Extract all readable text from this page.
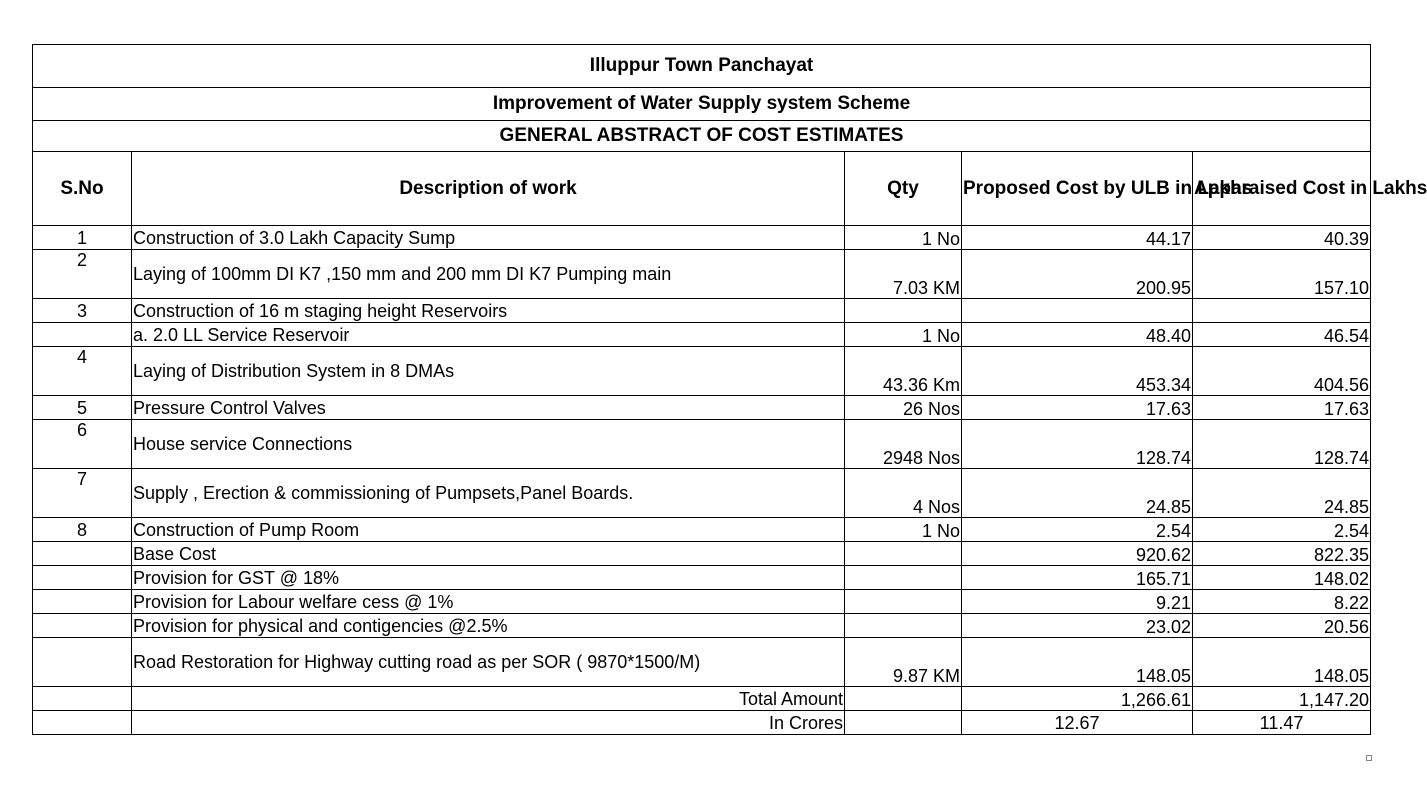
Illuppur Town Panchayat				
Improvement of Water Supply system Scheme				
GENERAL ABSTRACT OF COST ESTIMATES				
S.No	Description of work	Qty	Proposed Cost by ULB in Lakhs	Apparaised Cost in Lakhs
1	Construction of 3.0 Lakh Capacity Sump	1 No	44.17	40.39
2	Laying of 100mm DI K7 ,150 mm and 200 mm DI K7 Pumping main	7.03 KM	200.95	157.10
3	Construction of 16 m staging height Reservoirs			
	a. 2.0 LL Service Reservoir	1 No	48.40	46.54
4	Laying of Distribution System in 8 DMAs	43.36 Km	453.34	404.56
5	Pressure Control Valves	26 Nos	17.63	17.63
6	House service Connections	2948 Nos	128.74	128.74
7	Supply , Erection & commissioning of Pumpsets,Panel Boards.	4 Nos	24.85	24.85
8	Construction of Pump Room	1 No	2.54	2.54
	Base Cost		920.62	822.35
	Provision for GST @ 18%		165.71	148.02
	Provision for Labour welfare cess @ 1%		9.21	8.22
	Provision for physical and contigencies @2.5%		23.02	20.56
	Road Restoration for Highway cutting road as per SOR ( 9870*1500/M)	9.87 KM	148.05	148.05
	Total Amount		1,266.61	1,147.20
	In Crores		12.67	11.47
